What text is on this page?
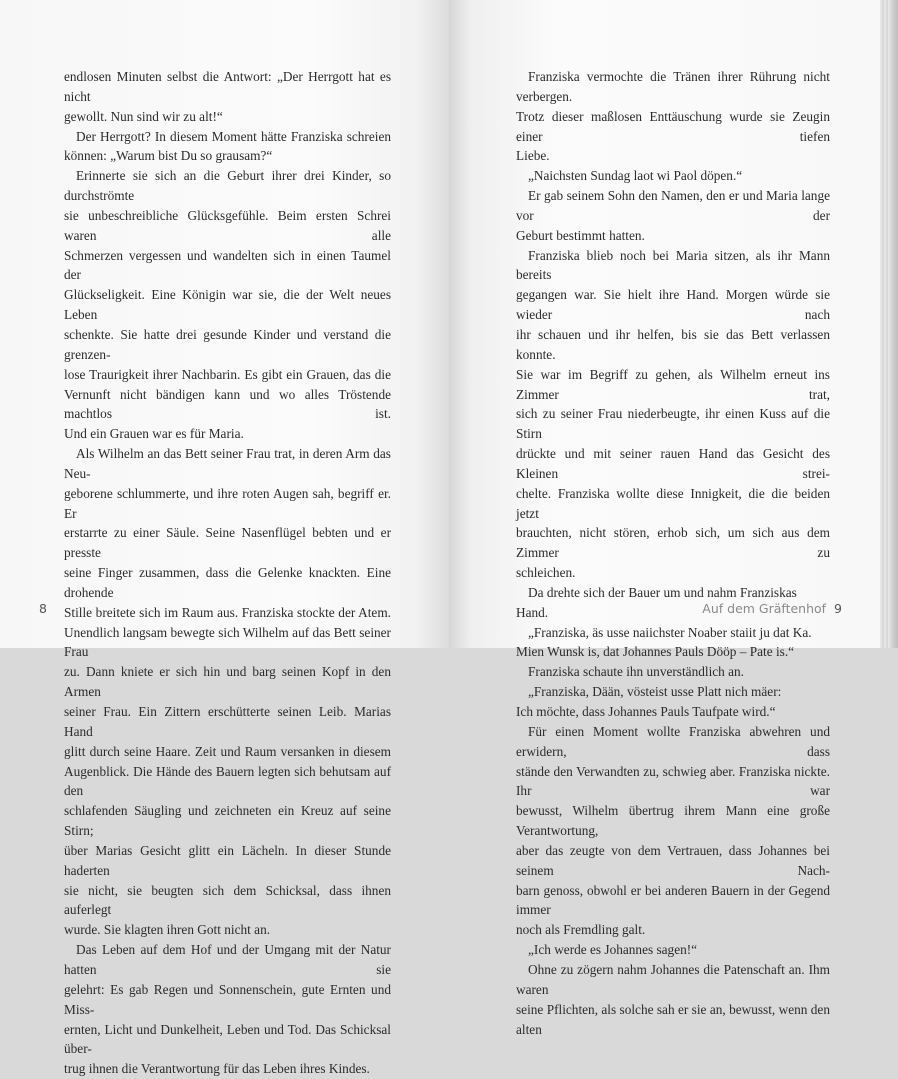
endlosen Minuten selbst die Antwort: „Der Herrgott hat es nicht

gewollt. Nun sind wir zu alt!“

Der Herrgott? In diesem Moment hätte Franziska schreien

können: „Warum bist Du so grausam?“

Erinnerte sie sich an die Geburt ihrer drei Kinder, so durchströmte

sie unbeschreibliche Glücksgefühle. Beim ersten Schrei waren alle

Schmerzen vergessen und wandelten sich in einen Taumel der

Glückseligkeit. Eine Königin war sie, die der Welt neues Leben

schenkte. Sie hatte drei gesunde Kinder und verstand die grenzen-

lose Traurigkeit ihrer Nachbarin. Es gibt ein Grauen, das die

Vernunft nicht bändigen kann und wo alles Tröstende machtlos ist.

Und ein Grauen war es für Maria.

Als Wilhelm an das Bett seiner Frau trat, in deren Arm das Neu-

geborene schlummerte, und ihre roten Augen sah, begriff er. Er

erstarrte zu einer Säule. Seine Nasenflügel bebten und er presste

seine Finger zusammen, dass die Gelenke knackten. Eine drohende

Stille breitete sich im Raum aus. Franziska stockte der Atem.

Unendlich langsam bewegte sich Wilhelm auf das Bett seiner Frau

zu. Dann kniete er sich hin und barg seinen Kopf in den Armen

seiner Frau. Ein Zittern erschütterte seinen Leib. Marias Hand

glitt durch seine Haare. Zeit und Raum versanken in diesem

Augenblick. Die Hände des Bauern legten sich behutsam auf den

schlafenden Säugling und zeichneten ein Kreuz auf seine Stirn;

über Marias Gesicht glitt ein Lächeln. In dieser Stunde haderten

sie nicht, sie beugten sich dem Schicksal, dass ihnen auferlegt

wurde. Sie klagten ihren Gott nicht an.

Das Leben auf dem Hof und der Umgang mit der Natur hatten sie

gelehrt: Es gab Regen und Sonnenschein, gute Ernten und Miss-

ernten, Licht und Dunkelheit, Leben und Tod. Das Schicksal über-

trug ihnen die Verantwortung für das Leben ihres Kindes.

8

Franziska vermochte die Tränen ihrer Rührung nicht verbergen.

Trotz dieser maßlosen Enttäuschung wurde sie Zeugin einer tiefen

Liebe.

„Naichsten Sundag laot wi Paol döpen.“

Er gab seinem Sohn den Namen, den er und Maria lange vor der

Geburt bestimmt hatten.

Franziska blieb noch bei Maria sitzen, als ihr Mann bereits

gegangen war. Sie hielt ihre Hand. Morgen würde sie wieder nach

ihr schauen und ihr helfen, bis sie das Bett verlassen konnte.

Sie war im Begriff zu gehen, als Wilhelm erneut ins Zimmer trat,

sich zu seiner Frau niederbeugte, ihr einen Kuss auf die Stirn

drückte und mit seiner rauen Hand das Gesicht des Kleinen strei-

chelte. Franziska wollte diese Innigkeit, die die beiden jetzt

brauchten, nicht stören, erhob sich, um sich aus dem Zimmer zu

schleichen.

Da drehte sich der Bauer um und nahm Franziskas Hand.

„Franziska, äs usse naiichster Noaber staiit ju dat Ka.

Mien Wunsk is, dat Johannes Pauls Dööp – Pate is.“

Franziska schaute ihn unverständlich an.

„Franziska, Dään, vösteist usse Platt nich mäer:

Ich möchte, dass Johannes Pauls Taufpate wird.“

Für einen Moment wollte Franziska abwehren und erwidern, dass

stände den Verwandten zu, schwieg aber. Franziska nickte. Ihr war

bewusst, Wilhelm übertrug ihrem Mann eine große Verantwortung,

aber das zeugte von dem Vertrauen, dass Johannes bei seinem Nach-

barn genoss, obwohl er bei anderen Bauern in der Gegend immer

noch als Fremdling galt.

„Ich werde es Johannes sagen!“

Ohne zu zögern nahm Johannes die Patenschaft an. Ihm waren

seine Pflichten, als solche sah er sie an, bewusst, wenn den alten

Auf dem Gräftenhof 9
